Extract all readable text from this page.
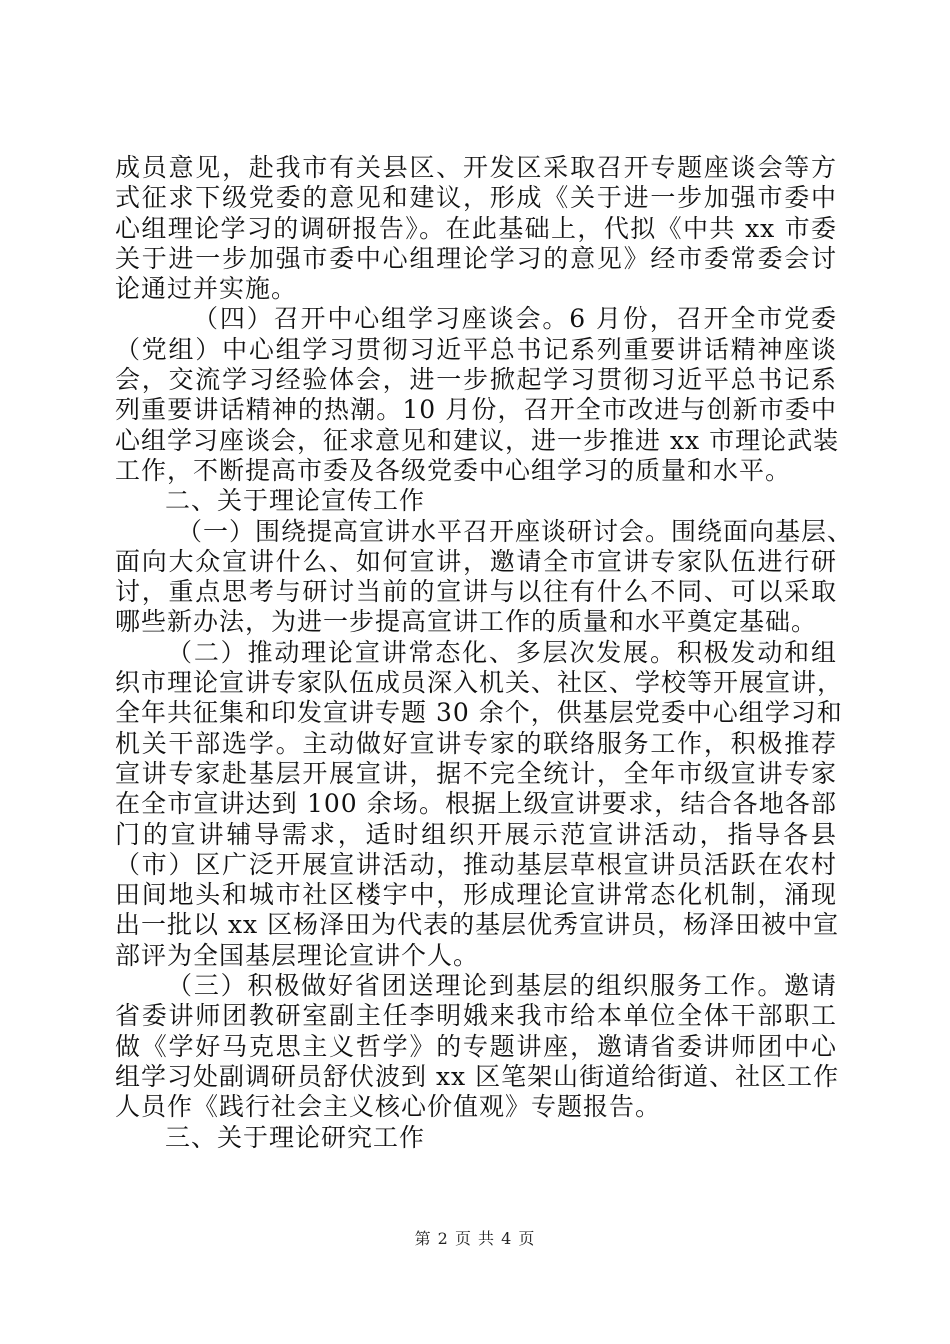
成员意见，赴我市有关县区、开发区采取召开专题座谈会等方
式征求下级党委的意见和建议，形成《关于进一步加强市委中
心组理论学习的调研报告》。在此基础上，代拟《中共 xx 市委
关于进一步加强市委中心组理论学习的意见》经市委常委会讨
论通过并实施。
（四）召开中心组学习座谈会。6 月份，召开全市党委
（党组）中心组学习贯彻习近平总书记系列重要讲话精神座谈
会，交流学习经验体会，进一步掀起学习贯彻习近平总书记系
列重要讲话精神的热潮。10 月份，召开全市改进与创新市委中
心组学习座谈会，征求意见和建议，进一步推进 xx 市理论武装
工作，不断提高市委及各级党委中心组学习的质量和水平。
二、关于理论宣传工作
（一）围绕提高宣讲水平召开座谈研讨会。围绕面向基层、
面向大众宣讲什么、如何宣讲，邀请全市宣讲专家队伍进行研
讨，重点思考与研讨当前的宣讲与以往有什么不同、可以采取
哪些新办法，为进一步提高宣讲工作的质量和水平奠定基础。
（二）推动理论宣讲常态化、多层次发展。积极发动和组
织市理论宣讲专家队伍成员深入机关、社区、学校等开展宣讲，
全年共征集和印发宣讲专题 30 余个，供基层党委中心组学习和
机关干部选学。主动做好宣讲专家的联络服务工作，积极推荐
宣讲专家赴基层开展宣讲，据不完全统计，全年市级宣讲专家
在全市宣讲达到 100 余场。根据上级宣讲要求，结合各地各部
门的宣讲辅导需求，适时组织开展示范宣讲活动，指导各县
（市）区广泛开展宣讲活动，推动基层草根宣讲员活跃在农村
田间地头和城市社区楼宇中，形成理论宣讲常态化机制，涌现
出一批以 xx 区杨泽田为代表的基层优秀宣讲员，杨泽田被中宣
部评为全国基层理论宣讲个人。
（三）积极做好省团送理论到基层的组织服务工作。邀请
省委讲师团教研室副主任李明娥来我市给本单位全体干部职工
做《学好马克思主义哲学》的专题讲座，邀请省委讲师团中心
组学习处副调研员舒伏波到 xx 区笔架山街道给街道、社区工作
人员作《践行社会主义核心价值观》专题报告。
三、关于理论研究工作
第 2 页 共 4 页
